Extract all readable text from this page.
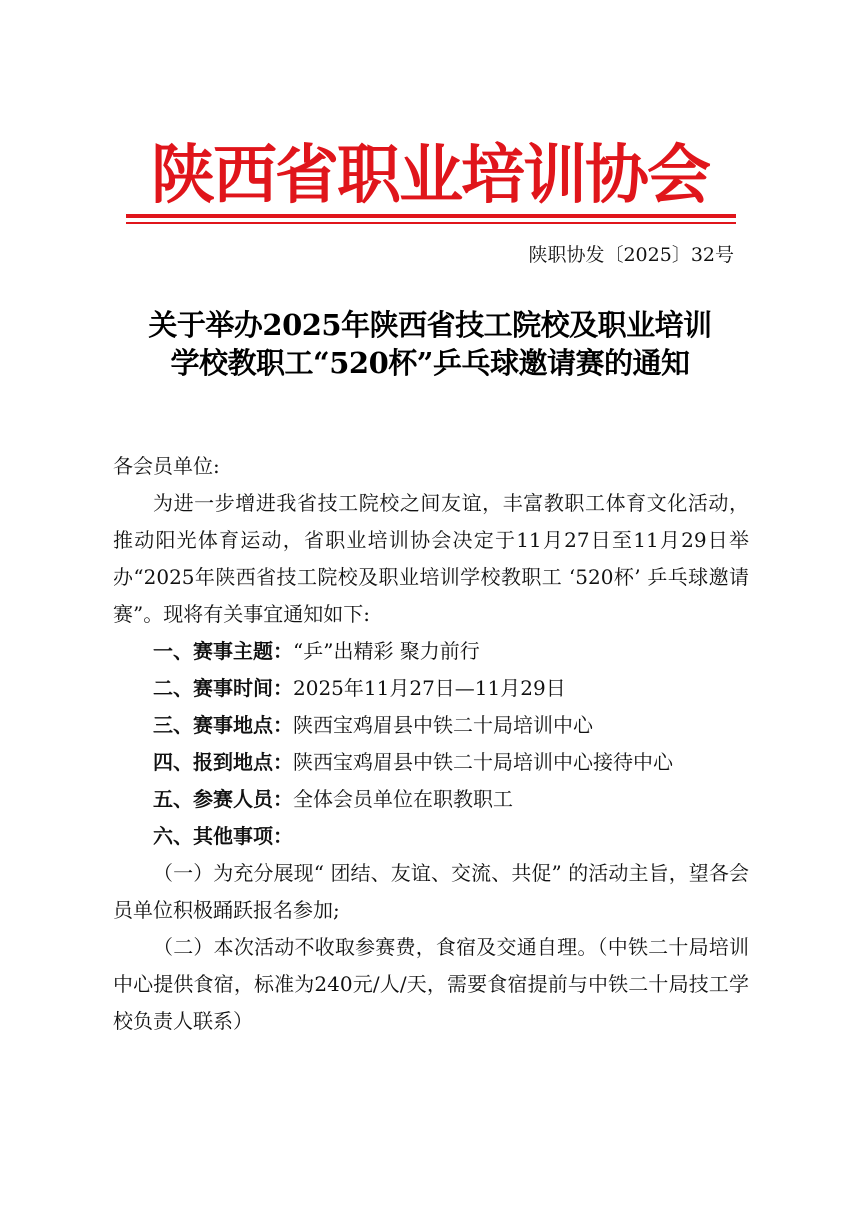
陕西省职业培训协会
陕职协发〔2025〕32号
关于举办2025年陕西省技工院校及职业培训
学校教职工“520杯”乒乓球邀请赛的通知

各会员单位:

为进一步增进我省技工院校之间友谊，丰富教职工体育文化活动，推动阳光体育运动，省职业培训协会决定于11月27日至11月29日举办“2025年陕西省技工院校及职业培训学校教职工 ‘520杯’ 乒乓球邀请赛”。现将有关事宜通知如下:

一、赛事主题：“乒”出精彩 聚力前行

二、赛事时间：2025年11月27日—11月29日

三、赛事地点：陕西宝鸡眉县中铁二十局培训中心

四、报到地点：陕西宝鸡眉县中铁二十局培训中心接待中心

五、参赛人员：全体会员单位在职教职工

六、其他事项：

（一）为充分展现“ 团结、友谊、交流、共促” 的活动主旨，望各会员单位积极踊跃报名参加;

（二）本次活动不收取参赛费，食宿及交通自理。（中铁二十局培训中心提供食宿，标准为240元/人/天，需要食宿提前与中铁二十局技工学校负责人联系）
